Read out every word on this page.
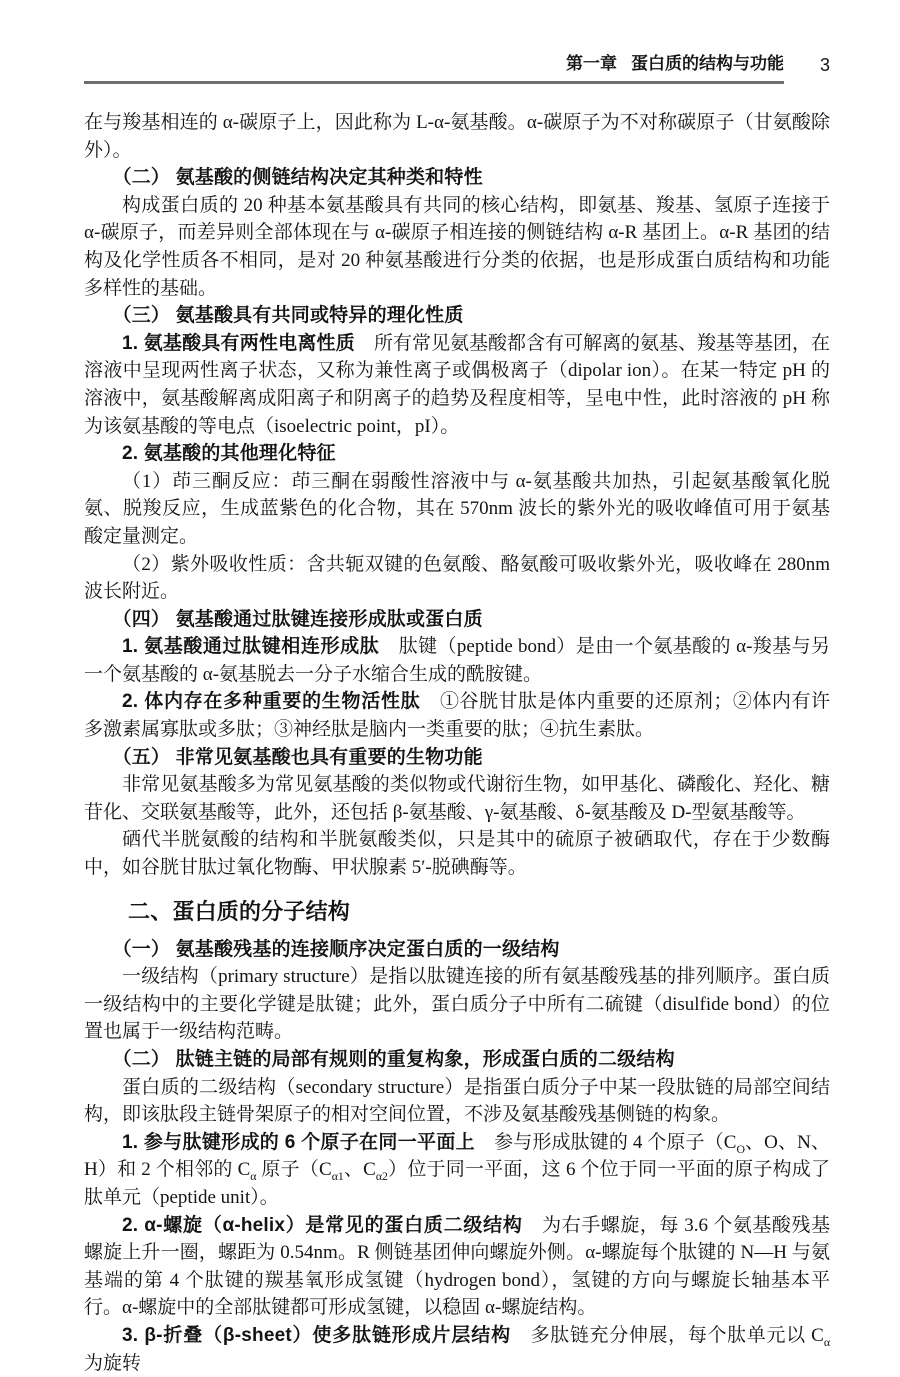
第一章 蛋白质的结构与功能	3

在与羧基相连的 α-碳原子上，因此称为 L-α-氨基酸。α-碳原子为不对称碳原子（甘氨酸除外）。

（二） 氨基酸的侧链结构决定其种类和特性

构成蛋白质的 20 种基本氨基酸具有共同的核心结构，即氨基、羧基、氢原子连接于 α-碳原子，而差异则全部体现在与 α-碳原子相连接的侧链结构 α-R 基团上。α-R 基团的结构及化学性质各不相同，是对 20 种氨基酸进行分类的依据，也是形成蛋白质结构和功能多样性的基础。

（三） 氨基酸具有共同或特异的理化性质

1. 氨基酸具有两性电离性质　所有常见氨基酸都含有可解离的氨基、羧基等基团，在溶液中呈现两性离子状态，又称为兼性离子或偶极离子（dipolar ion）。在某一特定 pH 的溶液中，氨基酸解离成阳离子和阴离子的趋势及程度相等，呈电中性，此时溶液的 pH 称为该氨基酸的等电点（isoelectric point，pI）。

2. 氨基酸的其他理化特征

（1）茚三酮反应：茚三酮在弱酸性溶液中与 α-氨基酸共加热，引起氨基酸氧化脱氨、脱羧反应，生成蓝紫色的化合物，其在 570nm 波长的紫外光的吸收峰值可用于氨基酸定量测定。

（2）紫外吸收性质：含共轭双键的色氨酸、酪氨酸可吸收紫外光，吸收峰在 280nm 波长附近。

（四） 氨基酸通过肽键连接形成肽或蛋白质

1. 氨基酸通过肽键相连形成肽　肽键（peptide bond）是由一个氨基酸的 α-羧基与另一个氨基酸的 α-氨基脱去一分子水缩合生成的酰胺键。

2. 体内存在多种重要的生物活性肽　①谷胱甘肽是体内重要的还原剂；②体内有许多激素属寡肽或多肽；③神经肽是脑内一类重要的肽；④抗生素肽。

（五） 非常见氨基酸也具有重要的生物功能

非常见氨基酸多为常见氨基酸的类似物或代谢衍生物，如甲基化、磷酸化、羟化、糖苷化、交联氨基酸等，此外，还包括 β-氨基酸、γ-氨基酸、δ-氨基酸及 D-型氨基酸等。

硒代半胱氨酸的结构和半胱氨酸类似，只是其中的硫原子被硒取代，存在于少数酶中，如谷胱甘肽过氧化物酶、甲状腺素 5′-脱碘酶等。

二、蛋白质的分子结构
（一） 氨基酸残基的连接顺序决定蛋白质的一级结构

一级结构（primary structure）是指以肽键连接的所有氨基酸残基的排列顺序。蛋白质一级结构中的主要化学键是肽键；此外，蛋白质分子中所有二硫键（disulfide bond）的位置也属于一级结构范畴。

（二） 肽链主链的局部有规则的重复构象，形成蛋白质的二级结构

蛋白质的二级结构（secondary structure）是指蛋白质分子中某一段肽链的局部空间结构，即该肽段主链骨架原子的相对空间位置，不涉及氨基酸残基侧链的构象。

1. 参与肽键形成的 6 个原子在同一平面上　参与形成肽键的 4 个原子（$C_O$、O、N、H）和 2 个相邻的 $C_\alpha$ 原子（$C_{\alpha 1}$、$C_{\alpha 2}$）位于同一平面，这 6 个位于同一平面的原子构成了肽单元（peptide unit）。

2. α-螺旋（α-helix）是常见的蛋白质二级结构　为右手螺旋，每 3.6 个氨基酸残基螺旋上升一圈，螺距为 0.54nm。R 侧链基团伸向螺旋外侧。α-螺旋每个肽键的 N—H 与氨基端的第 4 个肽键的羰基氧形成氢键（hydrogen bond），氢键的方向与螺旋长轴基本平行。α-螺旋中的全部肽键都可形成氢键，以稳固 α-螺旋结构。

3. β-折叠（β-sheet）使多肽链形成片层结构　多肽链充分伸展，每个肽单元以 $C_\alpha$ 为旋转
